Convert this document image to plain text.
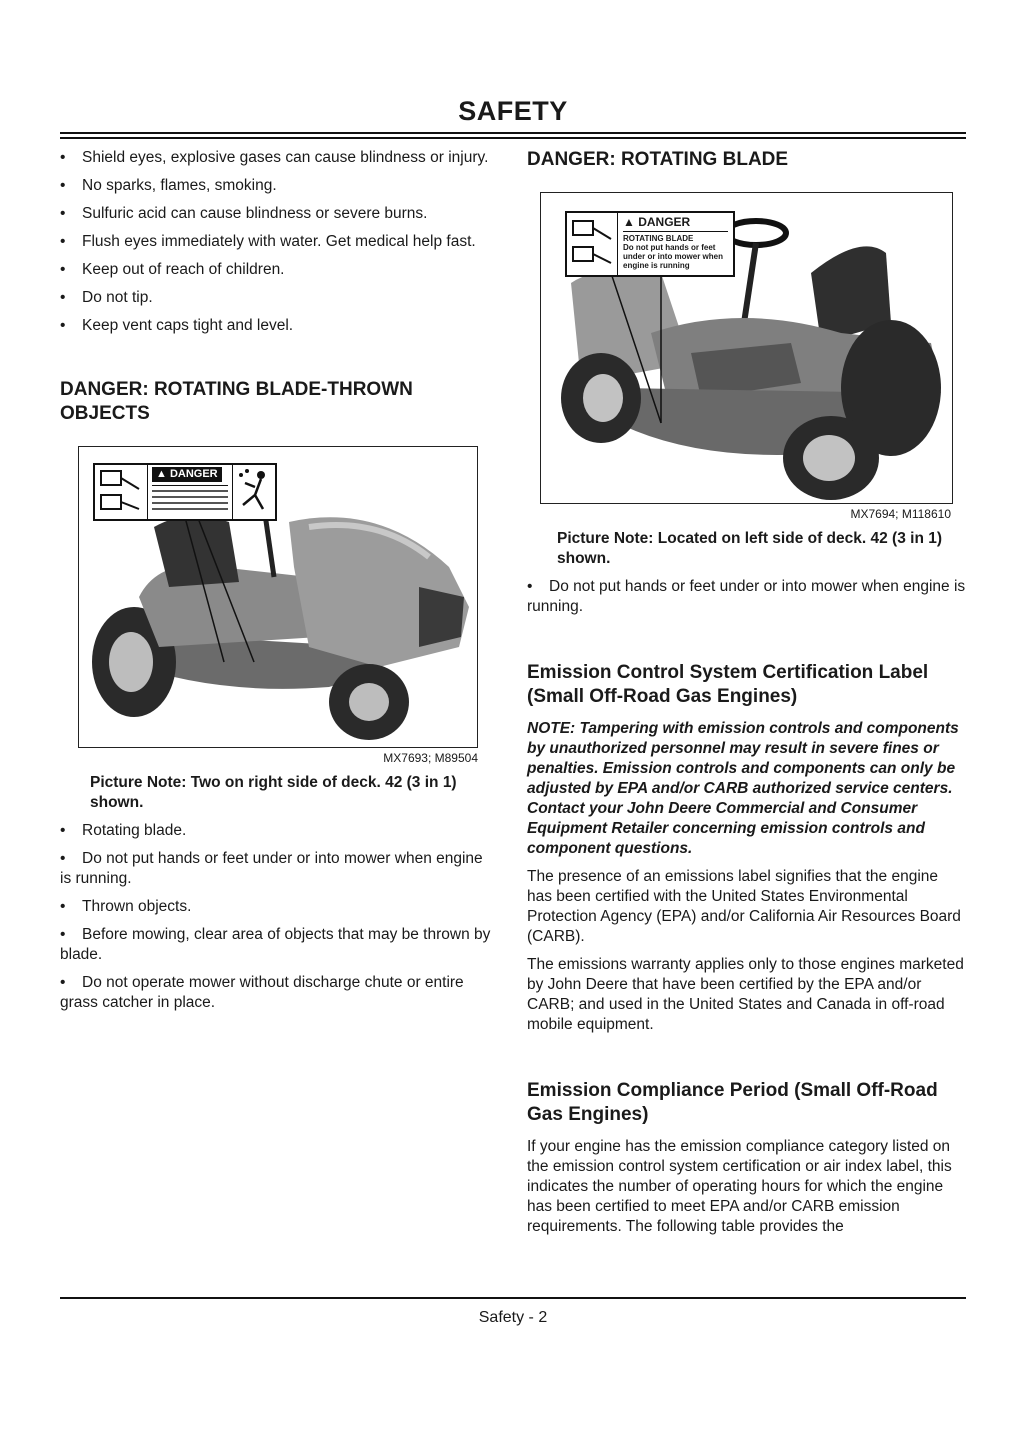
SAFETY
• Shield eyes, explosive gases can cause blindness or injury.
• No sparks, flames, smoking.
• Sulfuric acid can cause blindness or severe burns.
• Flush eyes immediately with water. Get medical help fast.
• Keep out of reach of children.
• Do not tip.
• Keep vent caps tight and level.
DANGER: ROTATING BLADE-THROWN OBJECTS
▲ DANGER
MX7693; M89504

Picture Note: Two on right side of deck. 42 (3 in 1) shown.

• Rotating blade.
• Do not put hands or feet under or into mower when engine is running.
• Thrown objects.
• Before mowing, clear area of objects that may be thrown by blade.
• Do not operate mower without discharge chute or entire grass catcher in place.
DANGER: ROTATING BLADE
▲ DANGER
ROTATING BLADE
Do not put hands or feet
under or into mower when
engine is running
MX7694; M118610

Picture Note: Located on left side of deck. 42 (3 in 1) shown.

• Do not put hands or feet under or into mower when engine is running.
Emission Control System Certification Label (Small Off-Road Gas Engines)

NOTE: Tampering with emission controls and components by unauthorized personnel may result in severe fines or penalties. Emission controls and components can only be adjusted by EPA and/or CARB authorized service centers. Contact your John Deere Commercial and Consumer Equipment Retailer concerning emission controls and component questions.

The presence of an emissions label signifies that the engine has been certified with the United States Environmental Protection Agency (EPA) and/or California Air Resources Board (CARB).

The emissions warranty applies only to those engines marketed by John Deere that have been certified by the EPA and/or CARB; and used in the United States and Canada in off-road mobile equipment.

Emission Compliance Period (Small Off-Road Gas Engines)

If your engine has the emission compliance category listed on the emission control system certification or air index label, this indicates the number of operating hours for which the engine has been certified to meet EPA and/or CARB emission requirements. The following table provides the

Safety - 2
